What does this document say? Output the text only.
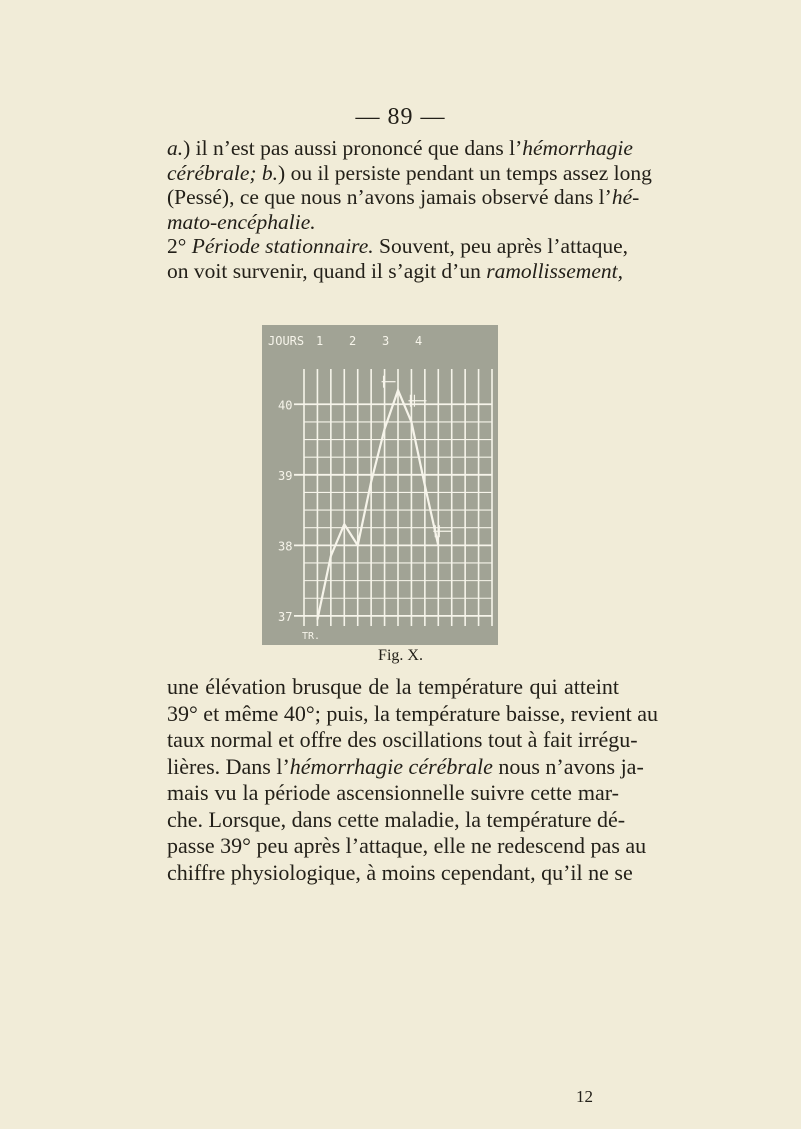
— 89 —

a.) il n’est pas aussi prononcé que dans l’hémorrhagie
cérébrale; b.) ou il persiste pendant un temps assez long
(Pessé), ce que nous n’avons jamais observé dans l’hé-
mato-encéphalie.
2° Période stationnaire. Souvent, peu après l’attaque,
on voit survenir, quand il s’agit d’un ramollissement,

40
39
38
37
TR.
JOURS 1 2 3 4
Fig. X.

une élévation brusque de la température qui atteint
39° et même 40°; puis, la température baisse, revient au
taux normal et offre des oscillations tout à fait irrégu-
lières. Dans l’hémorrhagie cérébrale nous n’avons ja-
mais vu la période ascensionnelle suivre cette mar-
che. Lorsque, dans cette maladie, la température dé-
passe 39° peu après l’attaque, elle ne redescend pas au
chiffre physiologique, à moins cependant, qu’il ne se

12
